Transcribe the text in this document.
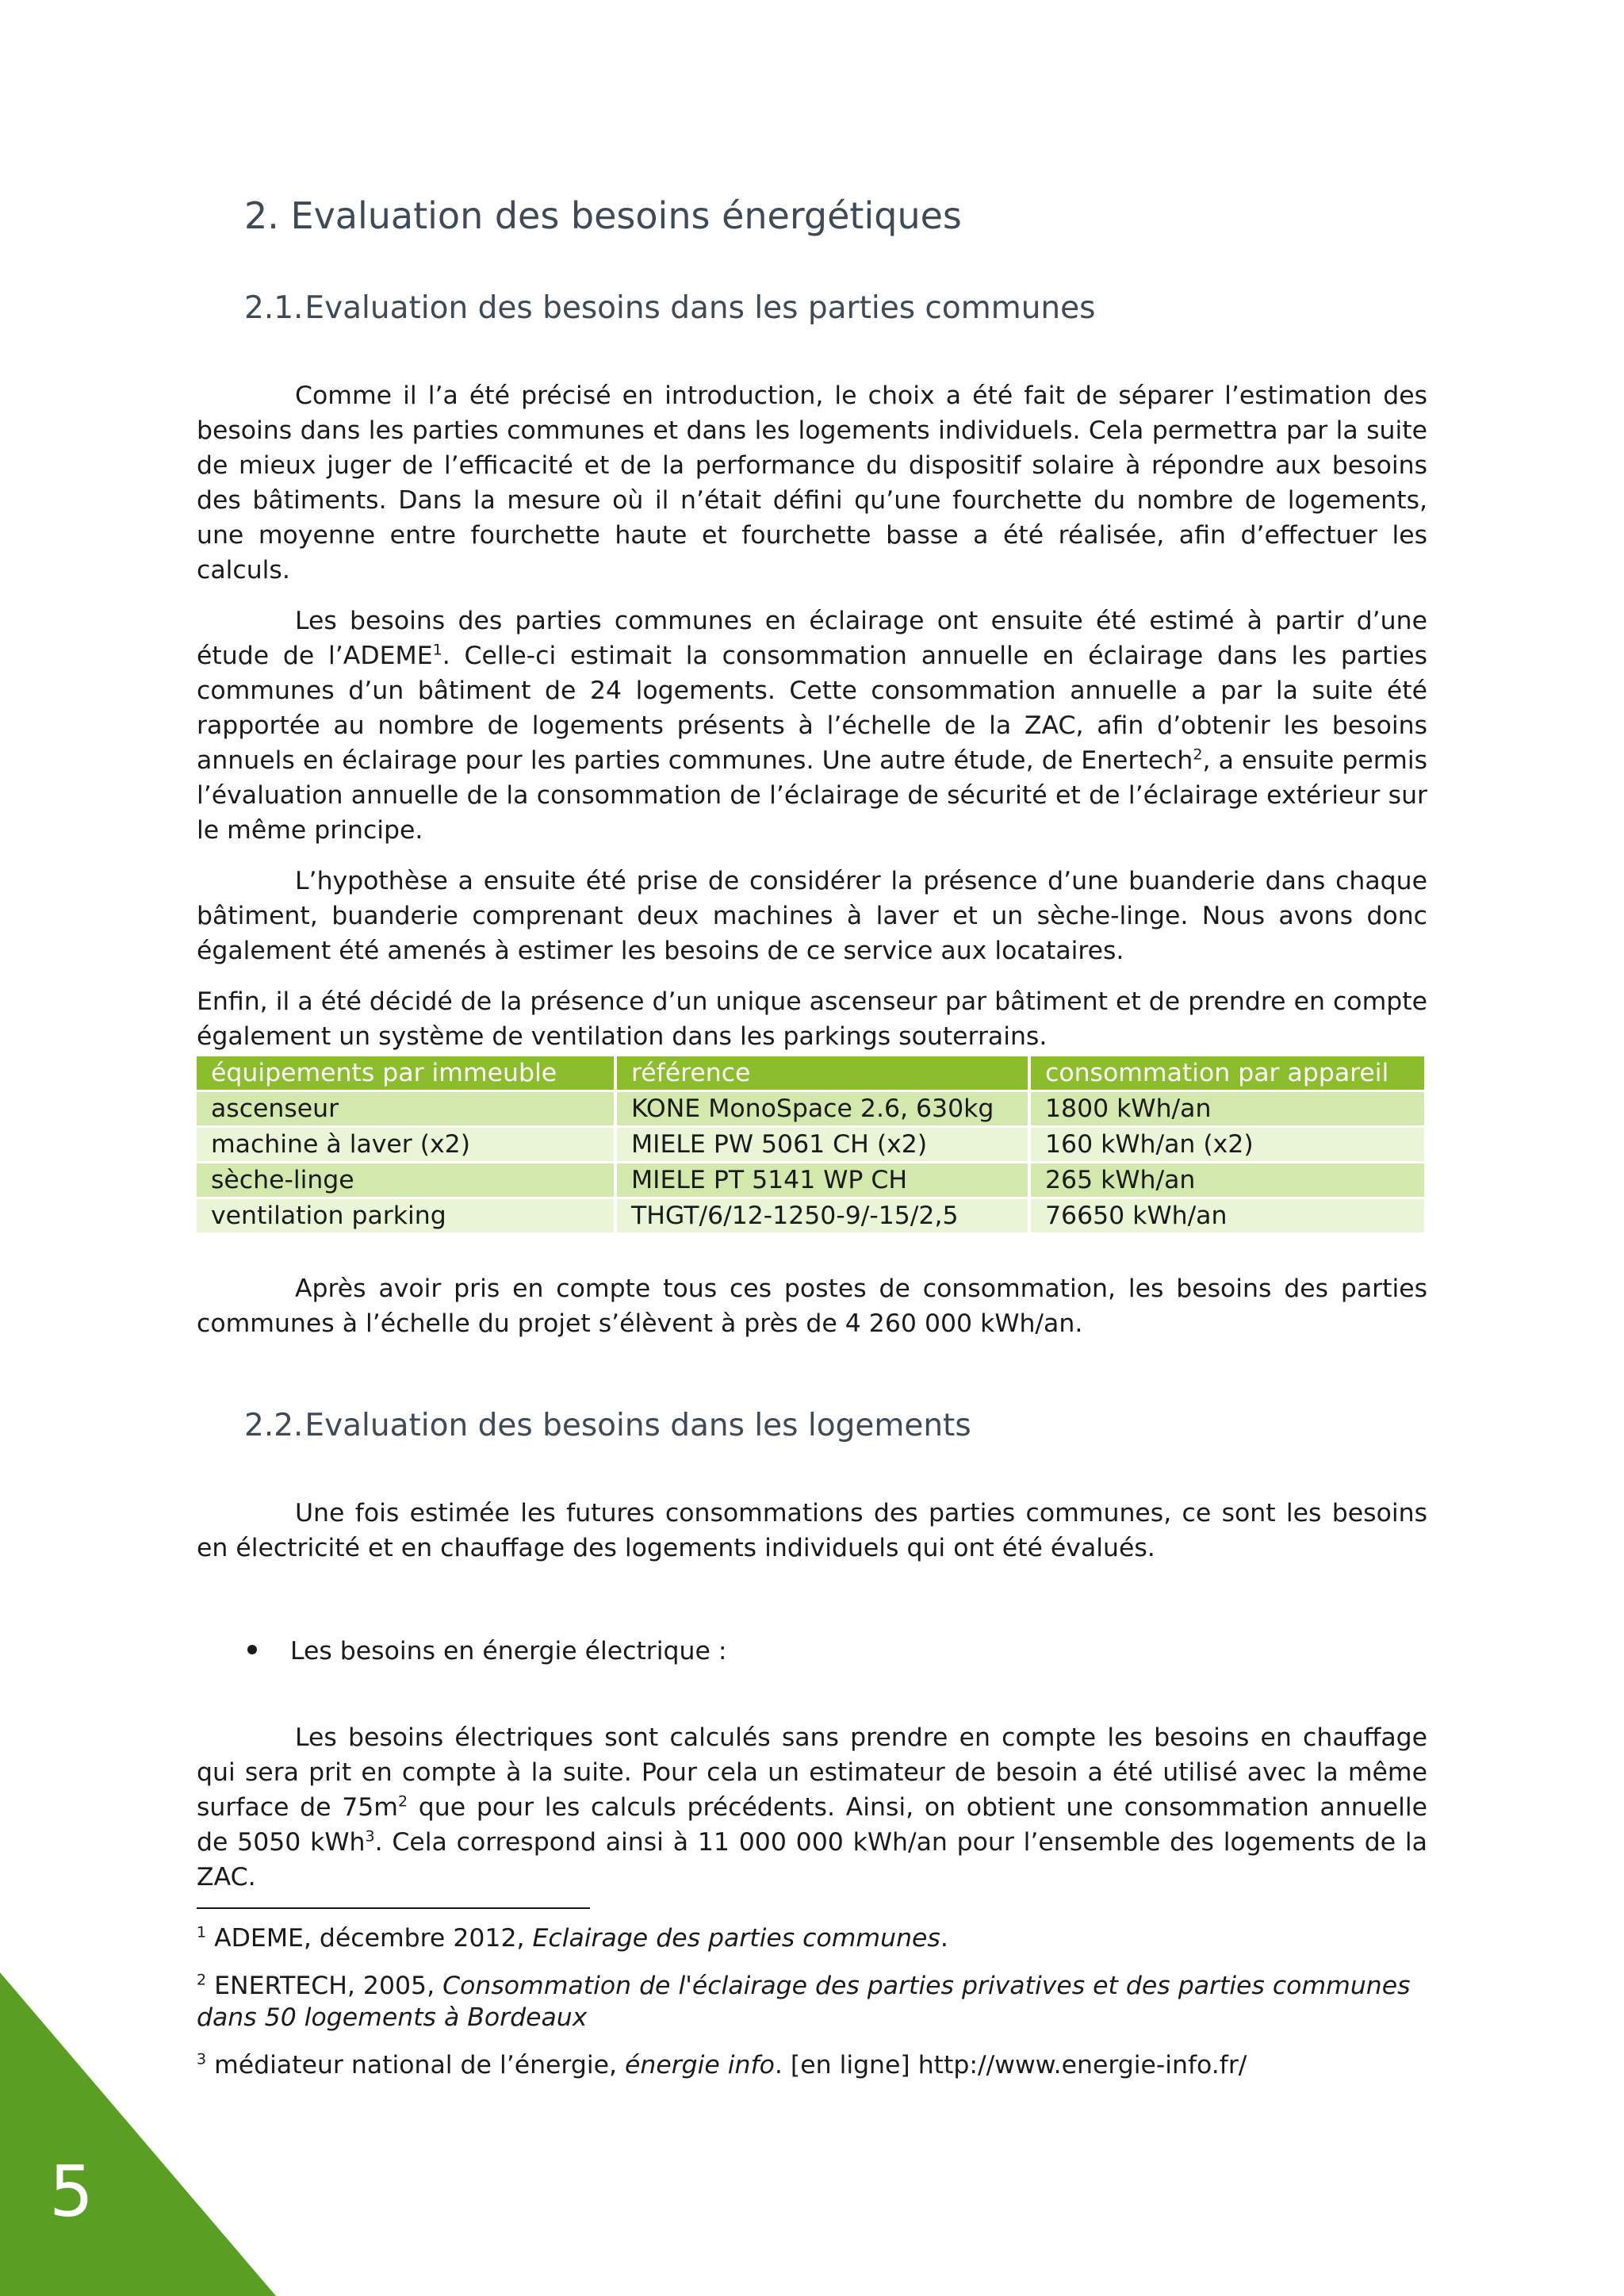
2. Evaluation des besoins énergétiques
2.1.Evaluation des besoins dans les parties communes

Comme il l’a été précisé en introduction, le choix a été fait de séparer l’estimation des besoins dans les parties communes et dans les logements individuels. Cela permettra par la suite de mieux juger de l’efficacité et de la performance du dispositif solaire à répondre aux besoins des bâtiments. Dans la mesure où il n’était défini qu’une fourchette du nombre de logements, une moyenne entre fourchette haute et fourchette basse a été réalisée, afin d’effectuer les calculs.

Les besoins des parties communes en éclairage ont ensuite été estimé à partir d’une étude de l’ADEME$^1$. Celle-ci estimait la consommation annuelle en éclairage dans les parties communes d’un bâtiment de 24 logements. Cette consommation annuelle a par la suite été rapportée au nombre de logements présents à l’échelle de la ZAC, afin d’obtenir les besoins annuels en éclairage pour les parties communes. Une autre étude, de Enertech$^2$, a ensuite permis l’évaluation annuelle de la consommation de l’éclairage de sécurité et de l’éclairage extérieur sur le même principe.

L’hypothèse a ensuite été prise de considérer la présence d’une buanderie dans chaque bâtiment, buanderie comprenant deux machines à laver et un sèche-linge. Nous avons donc également été amenés à estimer les besoins de ce service aux locataires.

Enfin, il a été décidé de la présence d’un unique ascenseur par bâtiment et de prendre en compte également un système de ventilation dans les parkings souterrains.

équipements par immeuble	référence	consommation par appareil
ascenseur	KONE MonoSpace 2.6, 630kg	1800 kWh/an
machine à laver (x2)	MIELE PW 5061 CH (x2)	160 kWh/an (x2)
sèche-linge	MIELE PT 5141 WP CH	265 kWh/an
ventilation parking	THGT/6/12-1250-9/-15/2,5	76650 kWh/an

Après avoir pris en compte tous ces postes de consommation, les besoins des parties communes à l’échelle du projet s’élèvent à près de 4 260 000 kWh/an.

2.2.Evaluation des besoins dans les logements

Une fois estimée les futures consommations des parties communes, ce sont les besoins en électricité et en chauffage des logements individuels qui ont été évalués.

Les besoins en énergie électrique :

Les besoins électriques sont calculés sans prendre en compte les besoins en chauffage qui sera prit en compte à la suite. Pour cela un estimateur de besoin a été utilisé avec la même surface de $75m^2$ que pour les calculs précédents. Ainsi, on obtient une consommation annuelle de 5050 kWh$^3$. Cela correspond ainsi à 11 000 000 kWh/an pour l’ensemble des logements de la ZAC.

$^1$ ADEME, décembre 2012, Eclairage des parties communes.

$^2$ ENERTECH, 2005, Consommation de l'éclairage des parties privatives et des parties communes dans 50 logements à Bordeaux

$^3$ médiateur national de l’énergie, énergie info. [en ligne] http://www.energie-info.fr/

5
